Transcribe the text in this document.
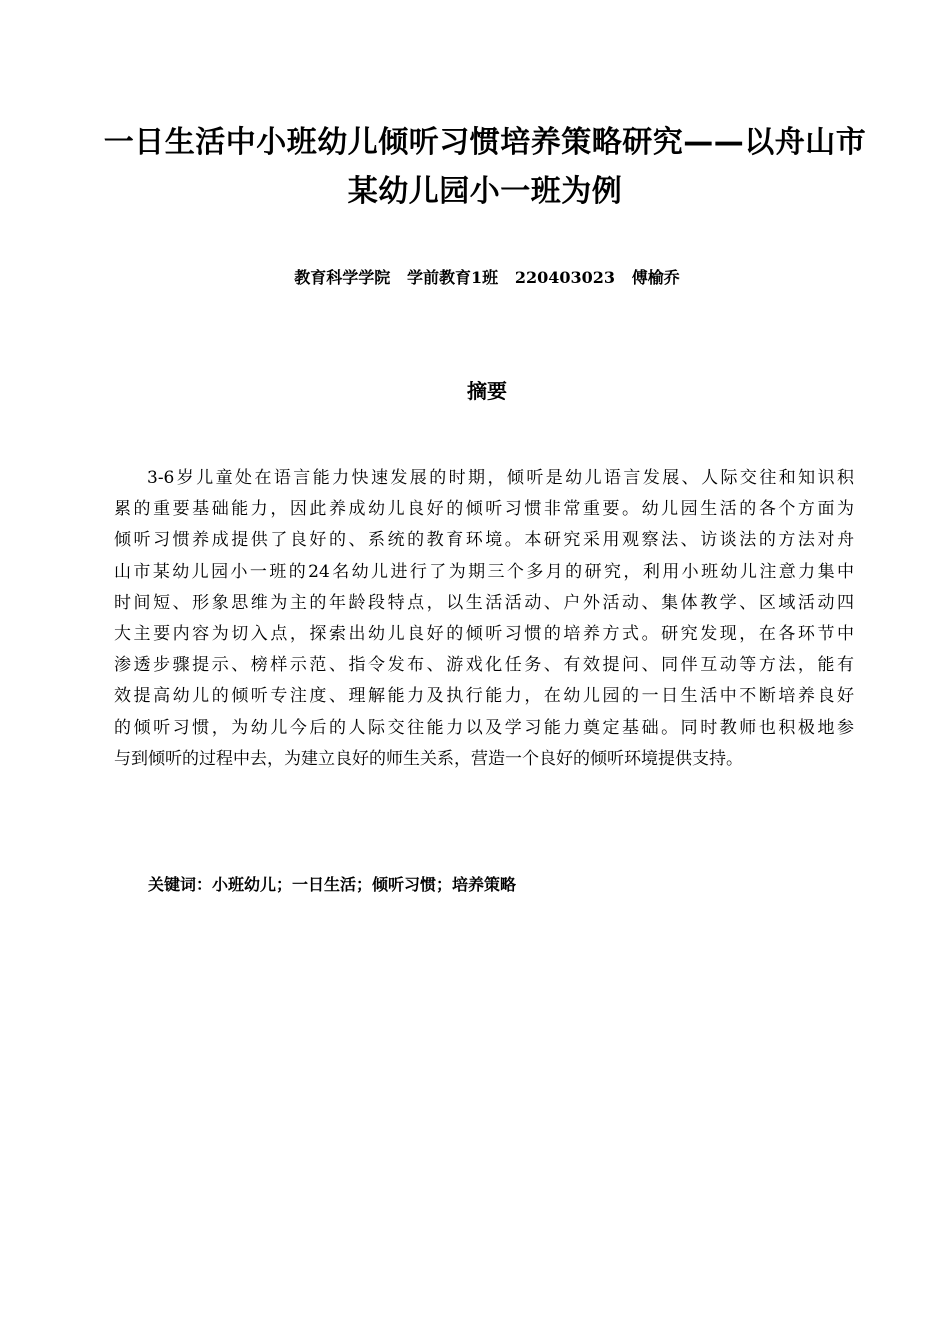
一日生活中小班幼儿倾听习惯培养策略研究——以舟山市
某幼儿园小一班为例
教育科学学院   学前教育1班   220403023   傅榆乔
摘要
3-6岁儿童处在语言能力快速发展的时期，倾听是幼儿语言发展、人际交往和知识积
累的重要基础能力，因此养成幼儿良好的倾听习惯非常重要。幼儿园生活的各个方面为
倾听习惯养成提供了良好的、系统的教育环境。本研究采用观察法、访谈法的方法对舟
山市某幼儿园小一班的24名幼儿进行了为期三个多月的研究，利用小班幼儿注意力集中
时间短、形象思维为主的年龄段特点，以生活活动、户外活动、集体教学、区域活动四
大主要内容为切入点，探索出幼儿良好的倾听习惯的培养方式。研究发现，在各环节中
渗透步骤提示、榜样示范、指令发布、游戏化任务、有效提问、同伴互动等方法，能有
效提高幼儿的倾听专注度、理解能力及执行能力，在幼儿园的一日生活中不断培养良好
的倾听习惯，为幼儿今后的人际交往能力以及学习能力奠定基础。同时教师也积极地参
与到倾听的过程中去，为建立良好的师生关系，营造一个良好的倾听环境提供支持。
关键词：小班幼儿；一日生活；倾听习惯；培养策略
